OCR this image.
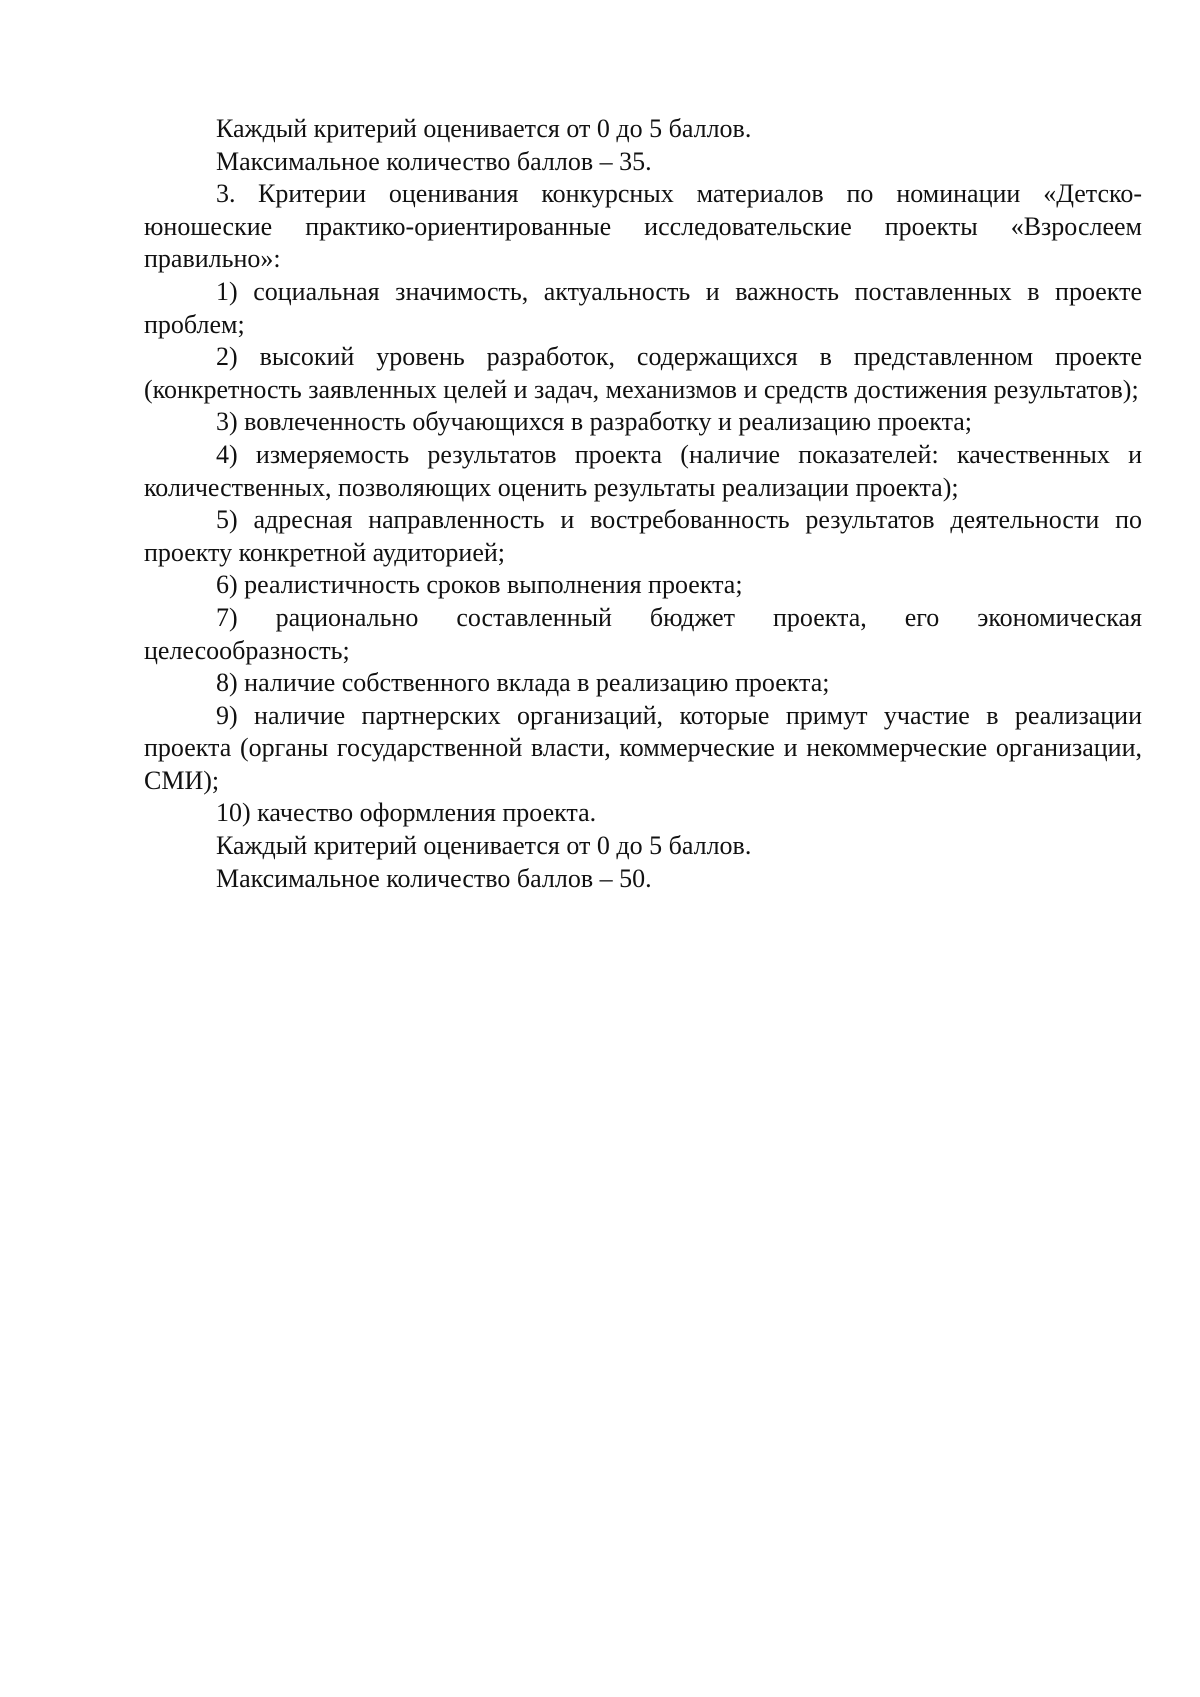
Каждый критерий оценивается от 0 до 5 баллов.

Максимальное количество баллов – 35.

3. Критерии оценивания конкурсных материалов по номинации «Детско-юношеские практико-ориентированные исследовательские проекты «Взрослеем правильно»:

1) социальная значимость, актуальность и важность поставленных в проекте проблем;

2) высокий уровень разработок, содержащихся в представленном проекте (конкретность заявленных целей и задач, механизмов и средств достижения результатов);

3) вовлеченность обучающихся в разработку и реализацию проекта;

4) измеряемость результатов проекта (наличие показателей: качественных и количественных, позволяющих оценить результаты реализации проекта);

5) адресная направленность и востребованность результатов деятельности по проекту конкретной аудиторией;

6) реалистичность сроков выполнения проекта;

7) рационально составленный бюджет проекта, его экономическая целесообразность;

8) наличие собственного вклада в реализацию проекта;

9) наличие партнерских организаций, которые примут участие в реализации проекта (органы государственной власти, коммерческие и некоммерческие организации, СМИ);

10) качество оформления проекта.

Каждый критерий оценивается от 0 до 5 баллов.

Максимальное количество баллов – 50.
